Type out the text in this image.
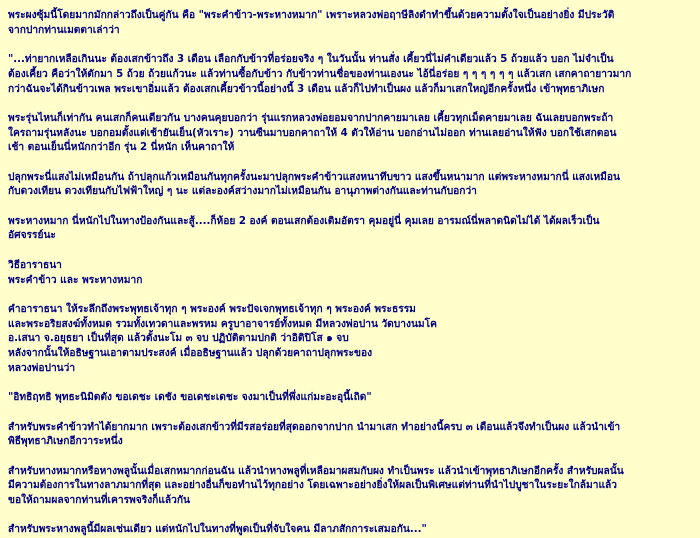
พระผงซุ้มนี้โดยมากมักกล่าวถึงเป็นคู่กัน คือ "พระคำข้าว-พระหางหมาก" เพราะหลวงพ่อฤาษีลิงดำทำขึ้นด้วยความตั้งใจเป็นอย่างยิ่ง มีประวัติ
จากปากท่านเมตตาเล่าว่า

"...ท่ายากเหลือเกินนะ ต้องเสกข้าวถึง 3 เดือน เลือกกับข้าวที่อร่อยจริง ๆ ในวันนั้น ท่านสั่ง เคี้ยวนี่ไม่คำเดียวแล้ว 5 ถ้วยแล้ว บอก ไม่จำเป็น
ต้องเคี้ยว คือว่าให้ตักมา 5 ถ้วย ถ้วยแก้วนะ แล้วท่านซื้อกับข้าว กับข้าวท่านชื่อของท่านเองนะ ไอ้นี่อร่อย ๆ ๆ ๆ ๆ ๆ ๆ แล้วเสก เสกคาถายาวมาก
กว่าฉันจะได้กินข้าวเพล พระเขาอิ่มแล้ว ต้องเสกเคี้ยวข้าวนี้อย่างนี้ 3 เดือน แล้วก็ไปทำเป็นผง แล้วก็มาเสกใหญ่อีกครั้งหนึ่ง เข้าพุทธาภิเษก

พระรุ่นไหนก็เท่ากัน คนเสกก็คนเดียวกัน บางคนคุยบอกว่า รุ่นแรกหลวงพ่อยอมจากปากคายมาเลย เคี้ยวทุกเม็ดคายมาเลย ฉันเลยบอกพระถ้า
ใครถามรุ่นหลังนะ บอกอมตั้งแต่เช้ายันเย็น(หัวเราะ) วานซืนมาบอกคาถาให้ 4 ตัวให้อ่าน บอกอ่านไม่ออก ท่านเลยอ่านให้ฟัง บอกใช้เสกตอน
เช้า ตอนเย็นนี่หนักกว่าอีก รุ่น 2 นี่หนัก เห็นคาถาให้

ปลุกพระนี่แสงไม่เหมือนกัน ถ้าปลุกแก้วเหมือนกันทุกครั้งนะมาปลุกพระคำข้าวแสงหนาทึบขาว แสงขึ้นหนามาก แต่พระหางหมากนี่ แสงเหมือน
กับดวงเทียน ดวงเทียนกับไฟฟ้าใหญ่ ๆ นะ แต่ละองค์สว่างมากไม่เหมือนกัน อานุภาพต่างกันและท่านกับอกว่า

พระหางหมาก นี่หนักไปในทางป้องกันและสู้....ก็ห้อย 2 องค์ ตอนเสกต้องเติมอัตรา คุมอยู่นี่ คุมเลย อารมณ์นี่พลาดนิดไม่ได้ ได้ผลเร็วเป็น
อัศจรรย์นะ

วิธีอาราธนา
พระคำข้าว และ พระหางหมาก

คำอาราธนา ให้ระลึกถึงพระพุทธเจ้าทุก ๆ พระองค์ พระปัจเจกพุทธเจ้าทุก ๆ พระองค์ พระธรรม
และพระอริยสงฆ์ทั้งหมด รวมทั้งเทวดาและพรหม ครูบาอาจารย์ทั้งหมด มีหลวงพ่อปาน วัดบางนมโค
อ.เสนา จ.อยุธยา เป็นที่สุด แล้วตั้งนะโม ๓ จบ ปฏิบัติตามปกติ ว่าอิติปิโส ๑ จบ
หลังจากนั้นให้อธิษฐานเอาตามประสงค์ เมื่ออธิษฐานแล้ว ปลุกด้วยคาถาปลุกพระของ
หลวงพ่อปานว่า

"อิทธิฤทธิ พุทธะนิมิตตัง ขอเดชะ เดชัง ขอเดชะเดชะ จงมาเป็นที่พึ่งแก่มะอะอุนี้เถิด"

สำหรับพระคำข้าวทำได้ยากมาก เพราะต้องเสกข้าวที่มีรสอร่อยที่สุดออกจากปาก นำมาเสก ทำอย่างนี้ครบ ๓ เดือนแล้วจึงทำเป็นผง แล้วนำเข้า
พิธีพุทธาภิเษกอีกวาระหนึ่ง

สำหรับหางหมากหรือหางพลูนั้นเมื่อเสกหมากก่อนฉัน แล้วนำหางพลูที่เหลือมาผสมกับผง ทำเป็นพระ แล้วนำเข้าพุทธาภิเษกอีกครั้ง สำหรับผลนั้น
มีความต้องการในทางลาภมากที่สุด และอย่างอื่นก็ขอทำนไว้ทุกอย่าง โดยเฉพาะอย่างยิ่งให้ผลเป็นพิเศษแต่ท่านที่นำไปบูชาในระยะใกล้มาแล้ว
ขอให้ถามผลจากท่านที่เคารพจริงก็แล้วกัน

สำหรับพระหางพลูนี้มีผลเช่นเดียว แต่หนักไปในทางที่พูดเป็นที่จับใจคน มีลาภสักการะเสมอกัน..."
